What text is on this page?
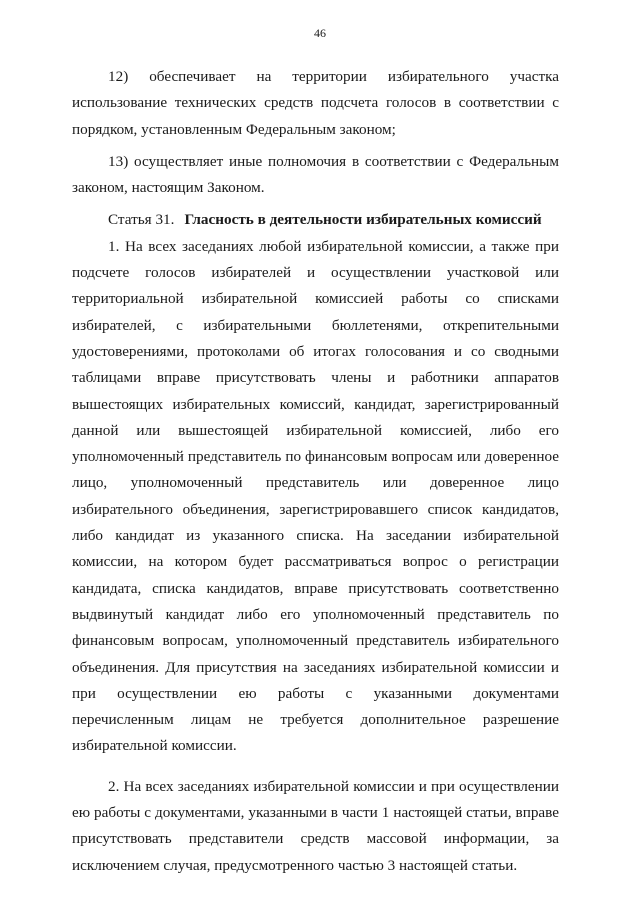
46

12) обеспечивает на территории избирательного участка использование технических средств подсчета голосов в соответствии с порядком, установленным Федеральным законом;

13) осуществляет иные полномочия в соответствии с Федеральным законом, настоящим Законом.

Статья 31. Гласность в деятельности избирательных комиссий

1. На всех заседаниях любой избирательной комиссии, а также при подсчете голосов избирателей и осуществлении участковой или территориальной избирательной комиссией работы со списками избирателей, с избирательными бюллетенями, открепительными удостоверениями, протоколами об итогах голосования и со сводными таблицами вправе присутствовать члены и работники аппаратов вышестоящих избирательных комиссий, кандидат, зарегистрированный данной или вышестоящей избирательной комиссией, либо его уполномоченный представитель по финансовым вопросам или доверенное лицо, уполномоченный представитель или доверенное лицо избирательного объединения, зарегистрировавшего список кандидатов, либо кандидат из указанного списка. На заседании избирательной комиссии, на котором будет рассматриваться вопрос о регистрации кандидата, списка кандидатов, вправе присутствовать соответственно выдвинутый кандидат либо его уполномоченный представитель по финансовым вопросам, уполномоченный представитель избирательного объединения. Для присутствия на заседаниях избирательной комиссии и при осуществлении ею работы с указанными документами перечисленным лицам не требуется дополнительное разрешение избирательной комиссии.

2. На всех заседаниях избирательной комиссии и при осуществлении ею работы с документами, указанными в части 1 настоящей статьи, вправе присутствовать представители средств массовой информации, за исключением случая, предусмотренного частью 3 настоящей статьи.
